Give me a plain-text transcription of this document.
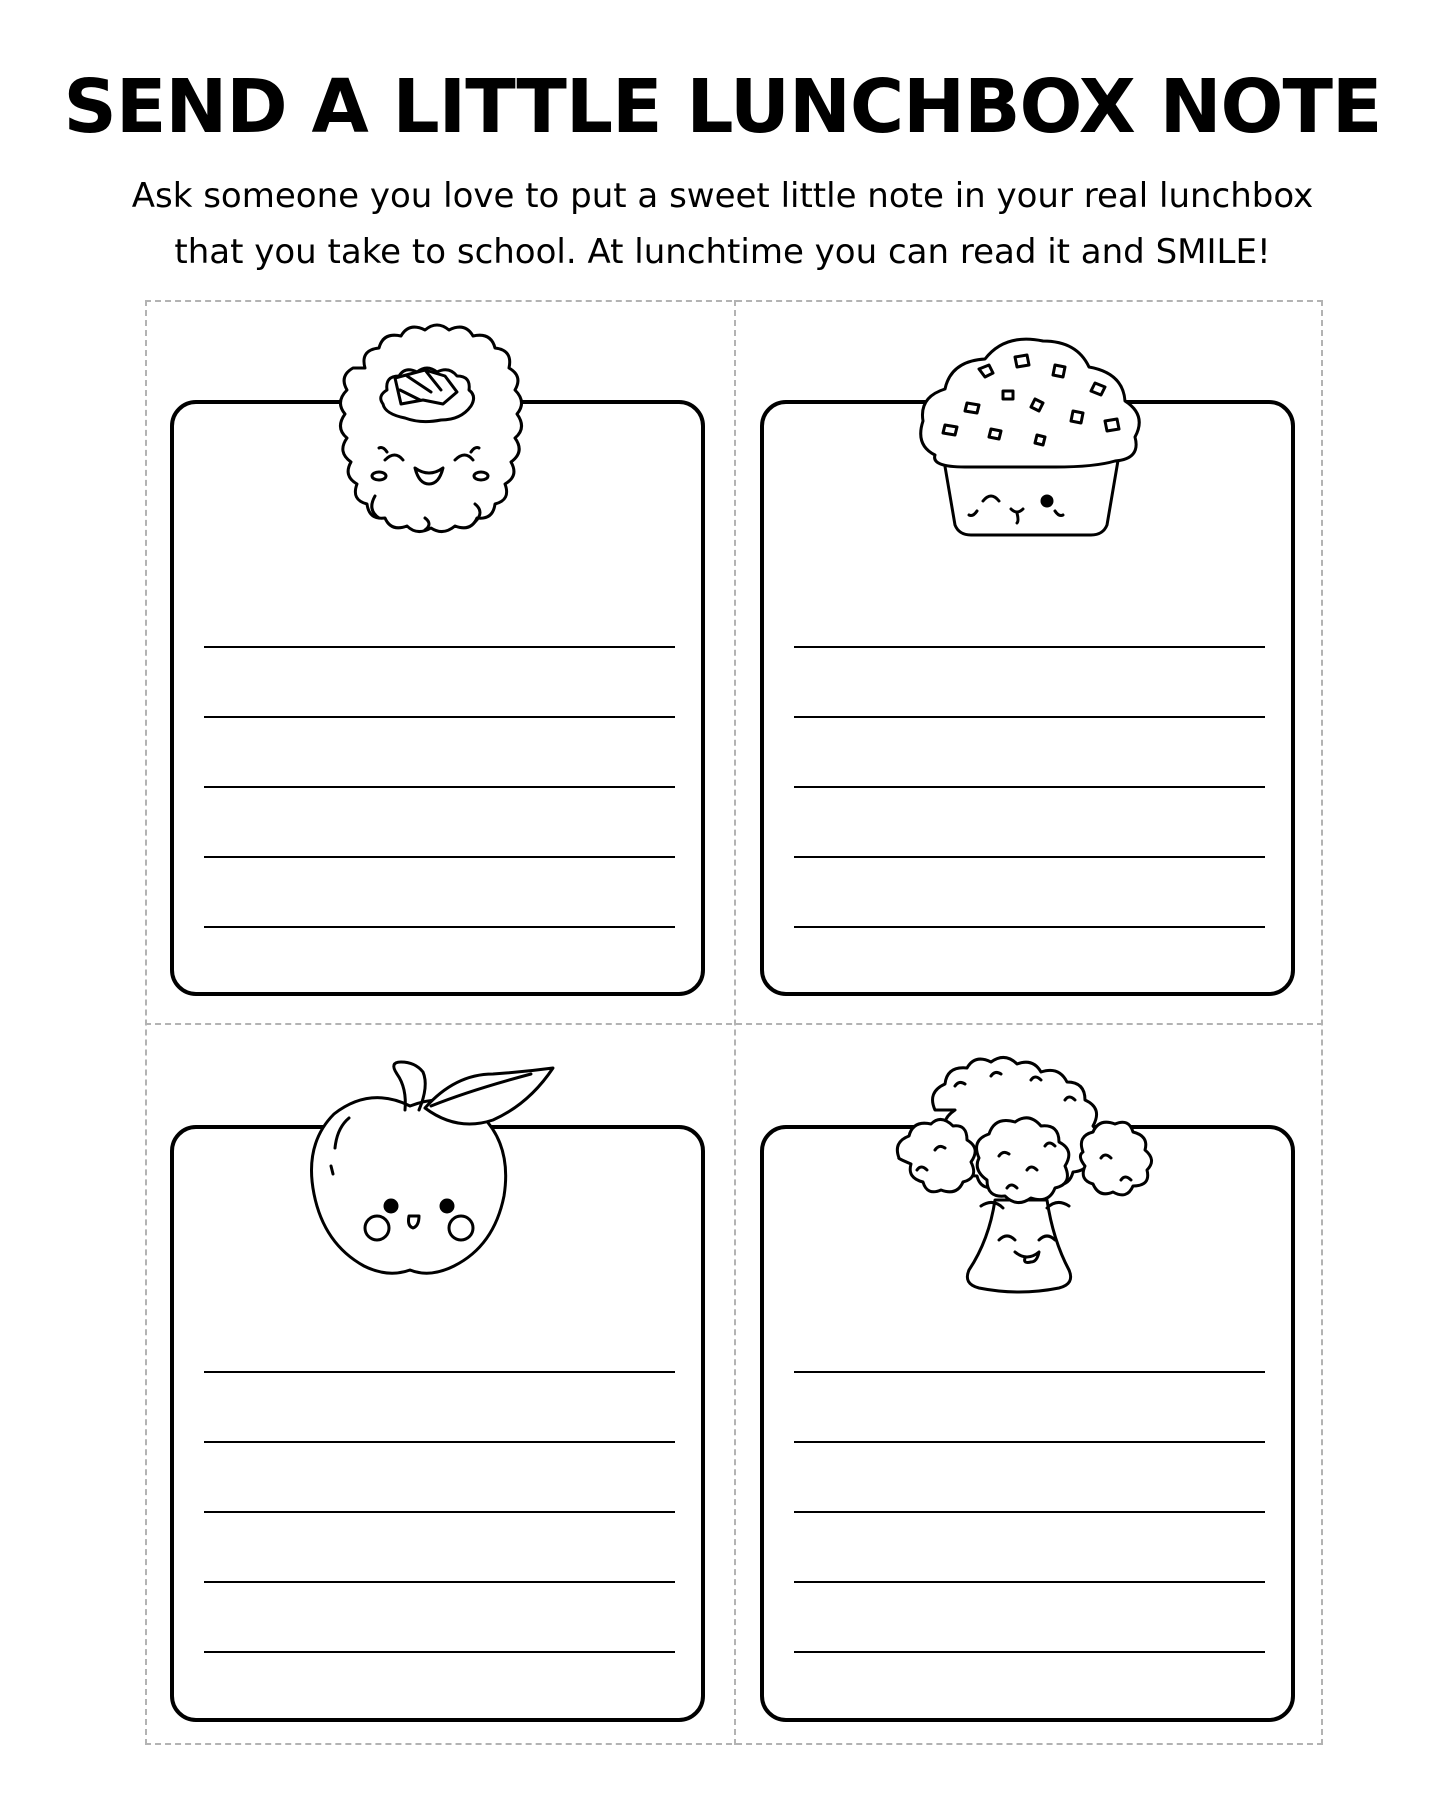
SEND A LITTLE LUNCHBOX NOTE

Ask someone you love to put a sweet little note in your real lunchbox
that you take to school. At lunchtime you can read it and SMILE!
